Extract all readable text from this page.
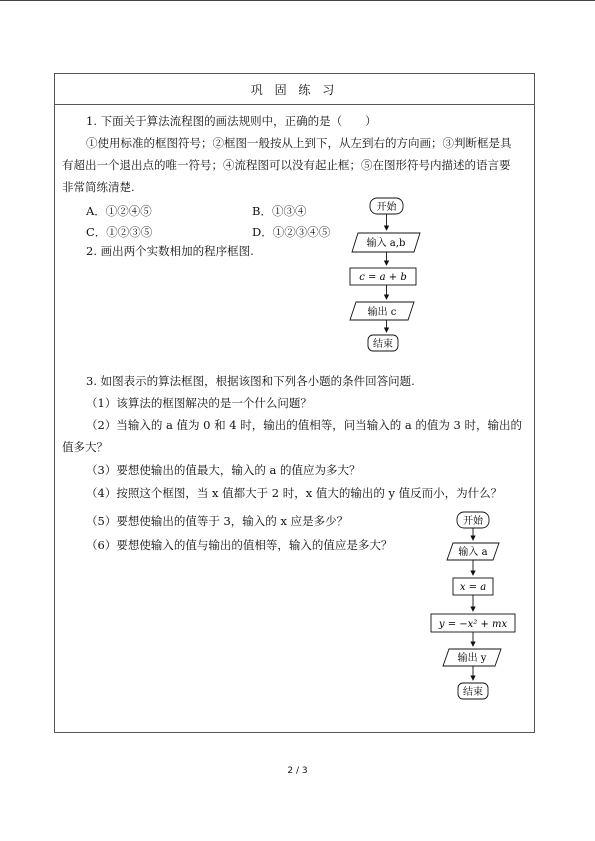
巩 固 练 习
1. 下面关于算法流程图的画法规则中，正确的是（　　）
①使用标准的框图符号；②框图一般按从上到下，从左到右的方向画；③判断框是具
有超出一个退出点的唯一符号；④流程图可以没有起止框；⑤在图形符号内描述的语言要
非常简练清楚.
A．①②④⑤	B．①③④
C．①②③⑤	D．①②③④⑤
2. 画出两个实数相加的程序框图.
开始
输入 a,b
c = a + b
输出 c
结束
3. 如图表示的算法框图，根据该图和下列各小题的条件回答问题.
（1）该算法的框图解决的是一个什么问题？
（2）当输入的 a 值为 0 和 4 时，输出的值相等，问当输入的 a 的值为 3 时，输出的
值多大？
（3）要想使输出的值最大，输入的 a 的值应为多大？
（4）按照这个框图，当 x 值都大于 2 时，x 值大的输出的 y 值反而小，为什么？
（5）要想使输出的值等于 3，输入的 x 应是多少？
（6）要想使输入的值与输出的值相等，输入的值应是多大？
开始
输入 a
x = a
y = −x² + mx
输出 y
结束
2 / 3
